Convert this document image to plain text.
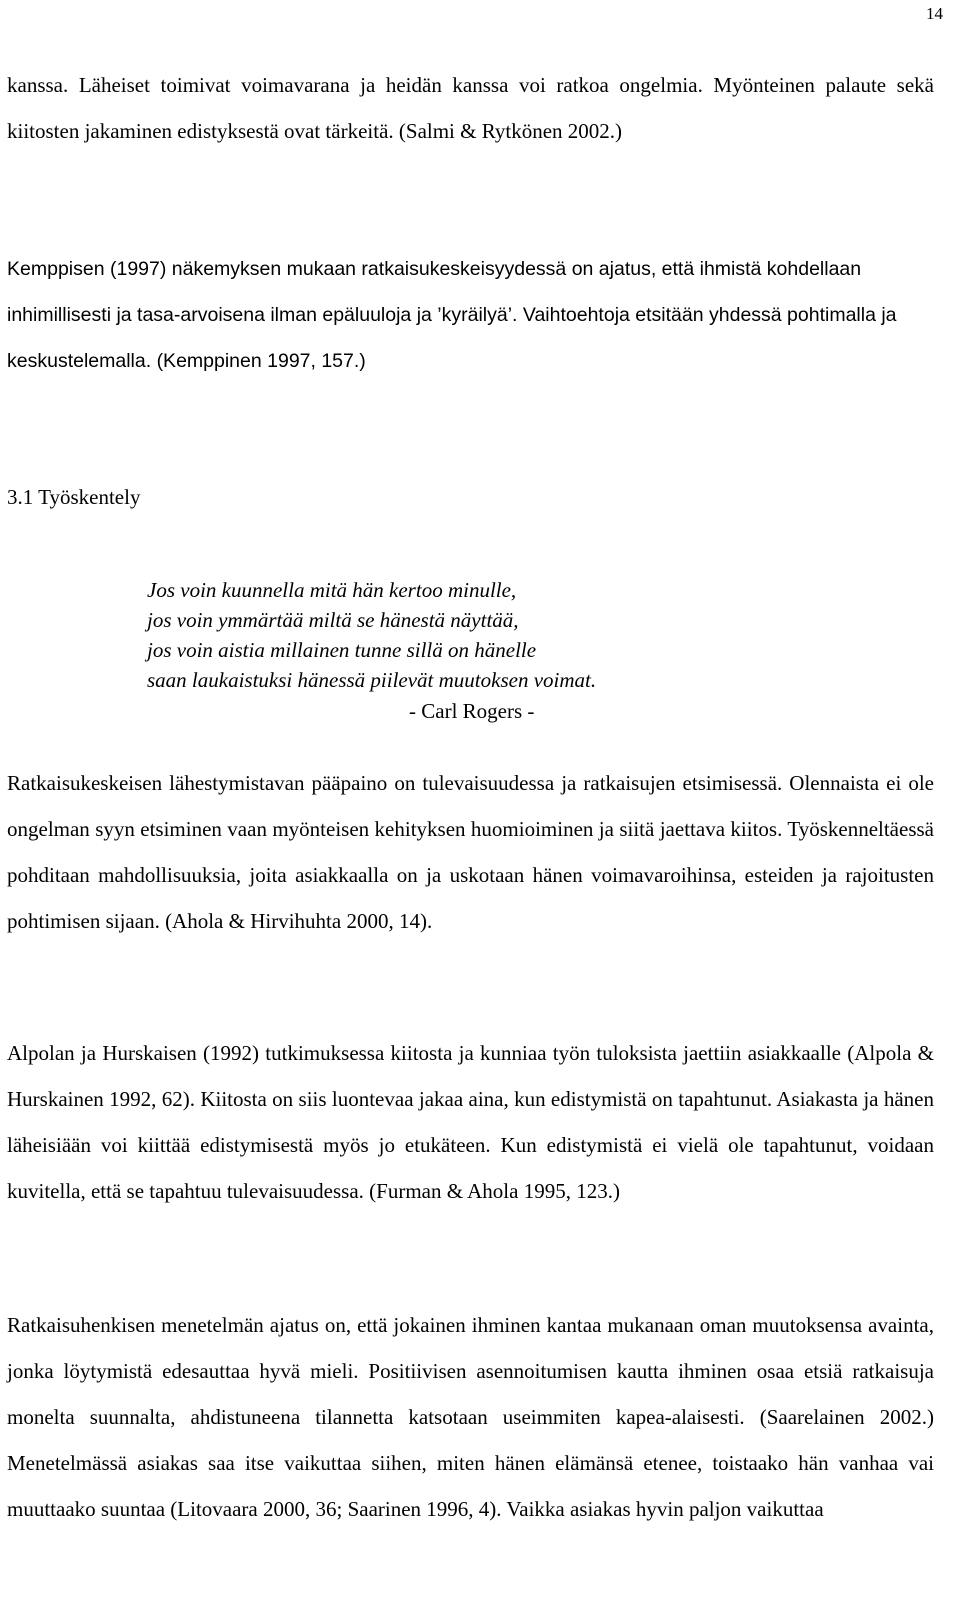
14

kanssa. Läheiset toimivat voimavarana ja heidän kanssa voi ratkoa ongelmia. Myönteinen palaute sekä kiitosten jakaminen edistyksestä ovat tärkeitä. (Salmi & Rytkönen 2002.)

Kemppisen (1997) näkemyksen mukaan ratkaisukeskeisyydessä on ajatus, että ihmistä kohdellaan inhimillisesti ja tasa-arvoisena ilman epäluuloja ja ’kyräilyä’. Vaihtoehtoja etsitään yhdessä pohtimalla ja keskustelemalla. (Kemppinen 1997, 157.)

3.1 Työskentely
Jos voin kuunnella mitä hän kertoo minulle,
jos voin ymmärtää miltä se hänestä näyttää,
jos voin aistia millainen tunne sillä on hänelle
saan laukaistuksi hänessä piilevät muutoksen voimat.
- Carl Rogers -

Ratkaisukeskeisen lähestymistavan pääpaino on tulevaisuudessa ja ratkaisujen etsimisessä. Olennaista ei ole ongelman syyn etsiminen vaan myönteisen kehityksen huomioiminen ja siitä jaettava kiitos. Työskenneltäessä pohditaan mahdollisuuksia, joita asiakkaalla on ja uskotaan hänen voimavaroihinsa, esteiden ja rajoitusten pohtimisen sijaan. (Ahola & Hirvihuhta 2000, 14).

Alpolan ja Hurskaisen (1992) tutkimuksessa kiitosta ja kunniaa työn tuloksista jaettiin asiakkaalle (Alpola & Hurskainen 1992, 62). Kiitosta on siis luontevaa jakaa aina, kun edistymistä on tapahtunut. Asiakasta ja hänen läheisiään voi kiittää edistymisestä myös jo etukäteen. Kun edistymistä ei vielä ole tapahtunut, voidaan kuvitella, että se tapahtuu tulevaisuudessa. (Furman & Ahola 1995, 123.)

Ratkaisuhenkisen menetelmän ajatus on, että jokainen ihminen kantaa mukanaan oman muutoksensa avainta, jonka löytymistä edesauttaa hyvä mieli. Positiivisen asennoitumisen kautta ihminen osaa etsiä ratkaisuja monelta suunnalta, ahdistuneena tilannetta katsotaan useimmiten kapea-alaisesti. (Saarelainen 2002.) Menetelmässä asiakas saa itse vaikuttaa siihen, miten hänen elämänsä etenee, toistaako hän vanhaa vai muuttaako suuntaa (Litovaara 2000, 36; Saarinen 1996, 4). Vaikka asiakas hyvin paljon vaikuttaa
